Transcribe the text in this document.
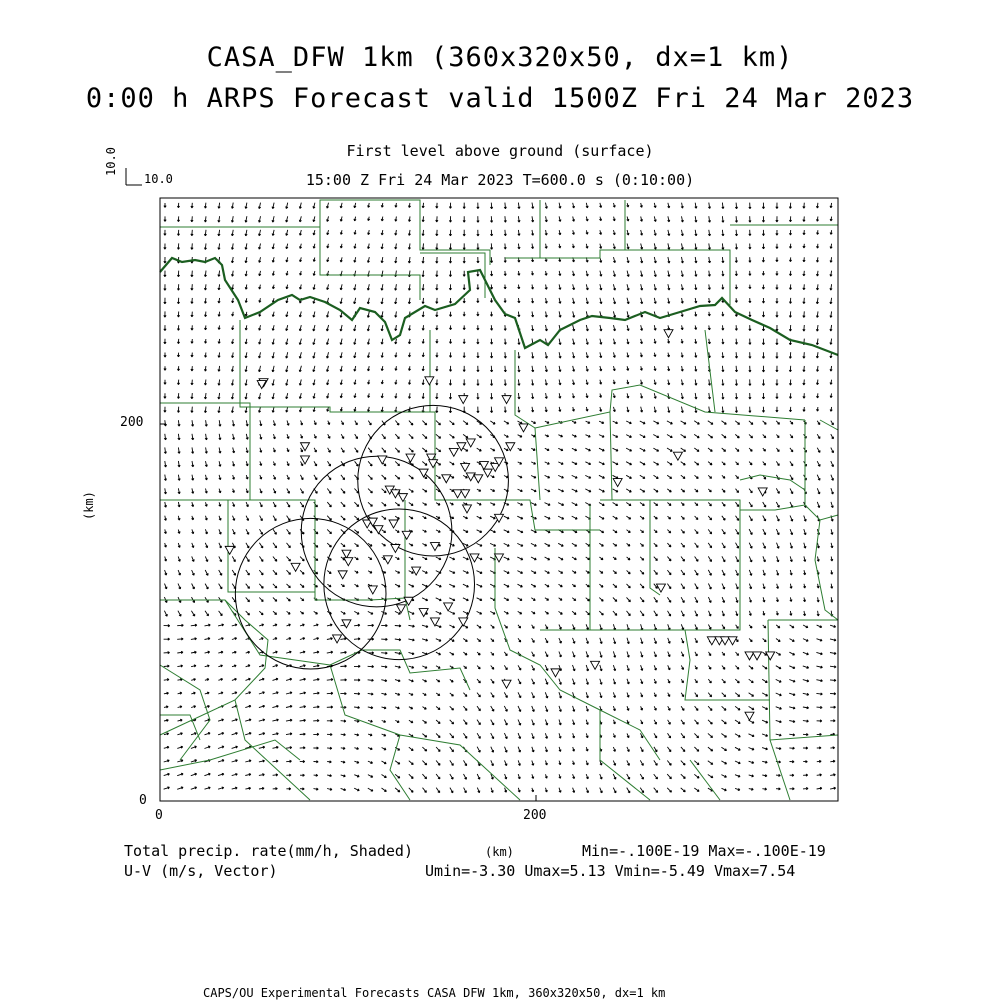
CASA_DFW 1km (360x320x50, dx=1 km)
0:00 h ARPS Forecast valid 1500Z Fri 24 Mar 2023
First level above ground (surface)
15:00 Z Fri 24 Mar 2023 T=600.0 s (0:10:00)
10.0
10.0
200
0
0	200
(km)
(km)
Total precip. rate(mm/h, Shaded)	Min=-.100E-19 Max=-.100E-19
U-V (m/s, Vector)	Umin=-3.30 Umax=5.13 Vmin=-5.49 Vmax=7.54
CAPS/OU Experimental Forecasts CASA DFW 1km, 360x320x50, dx=1 km
